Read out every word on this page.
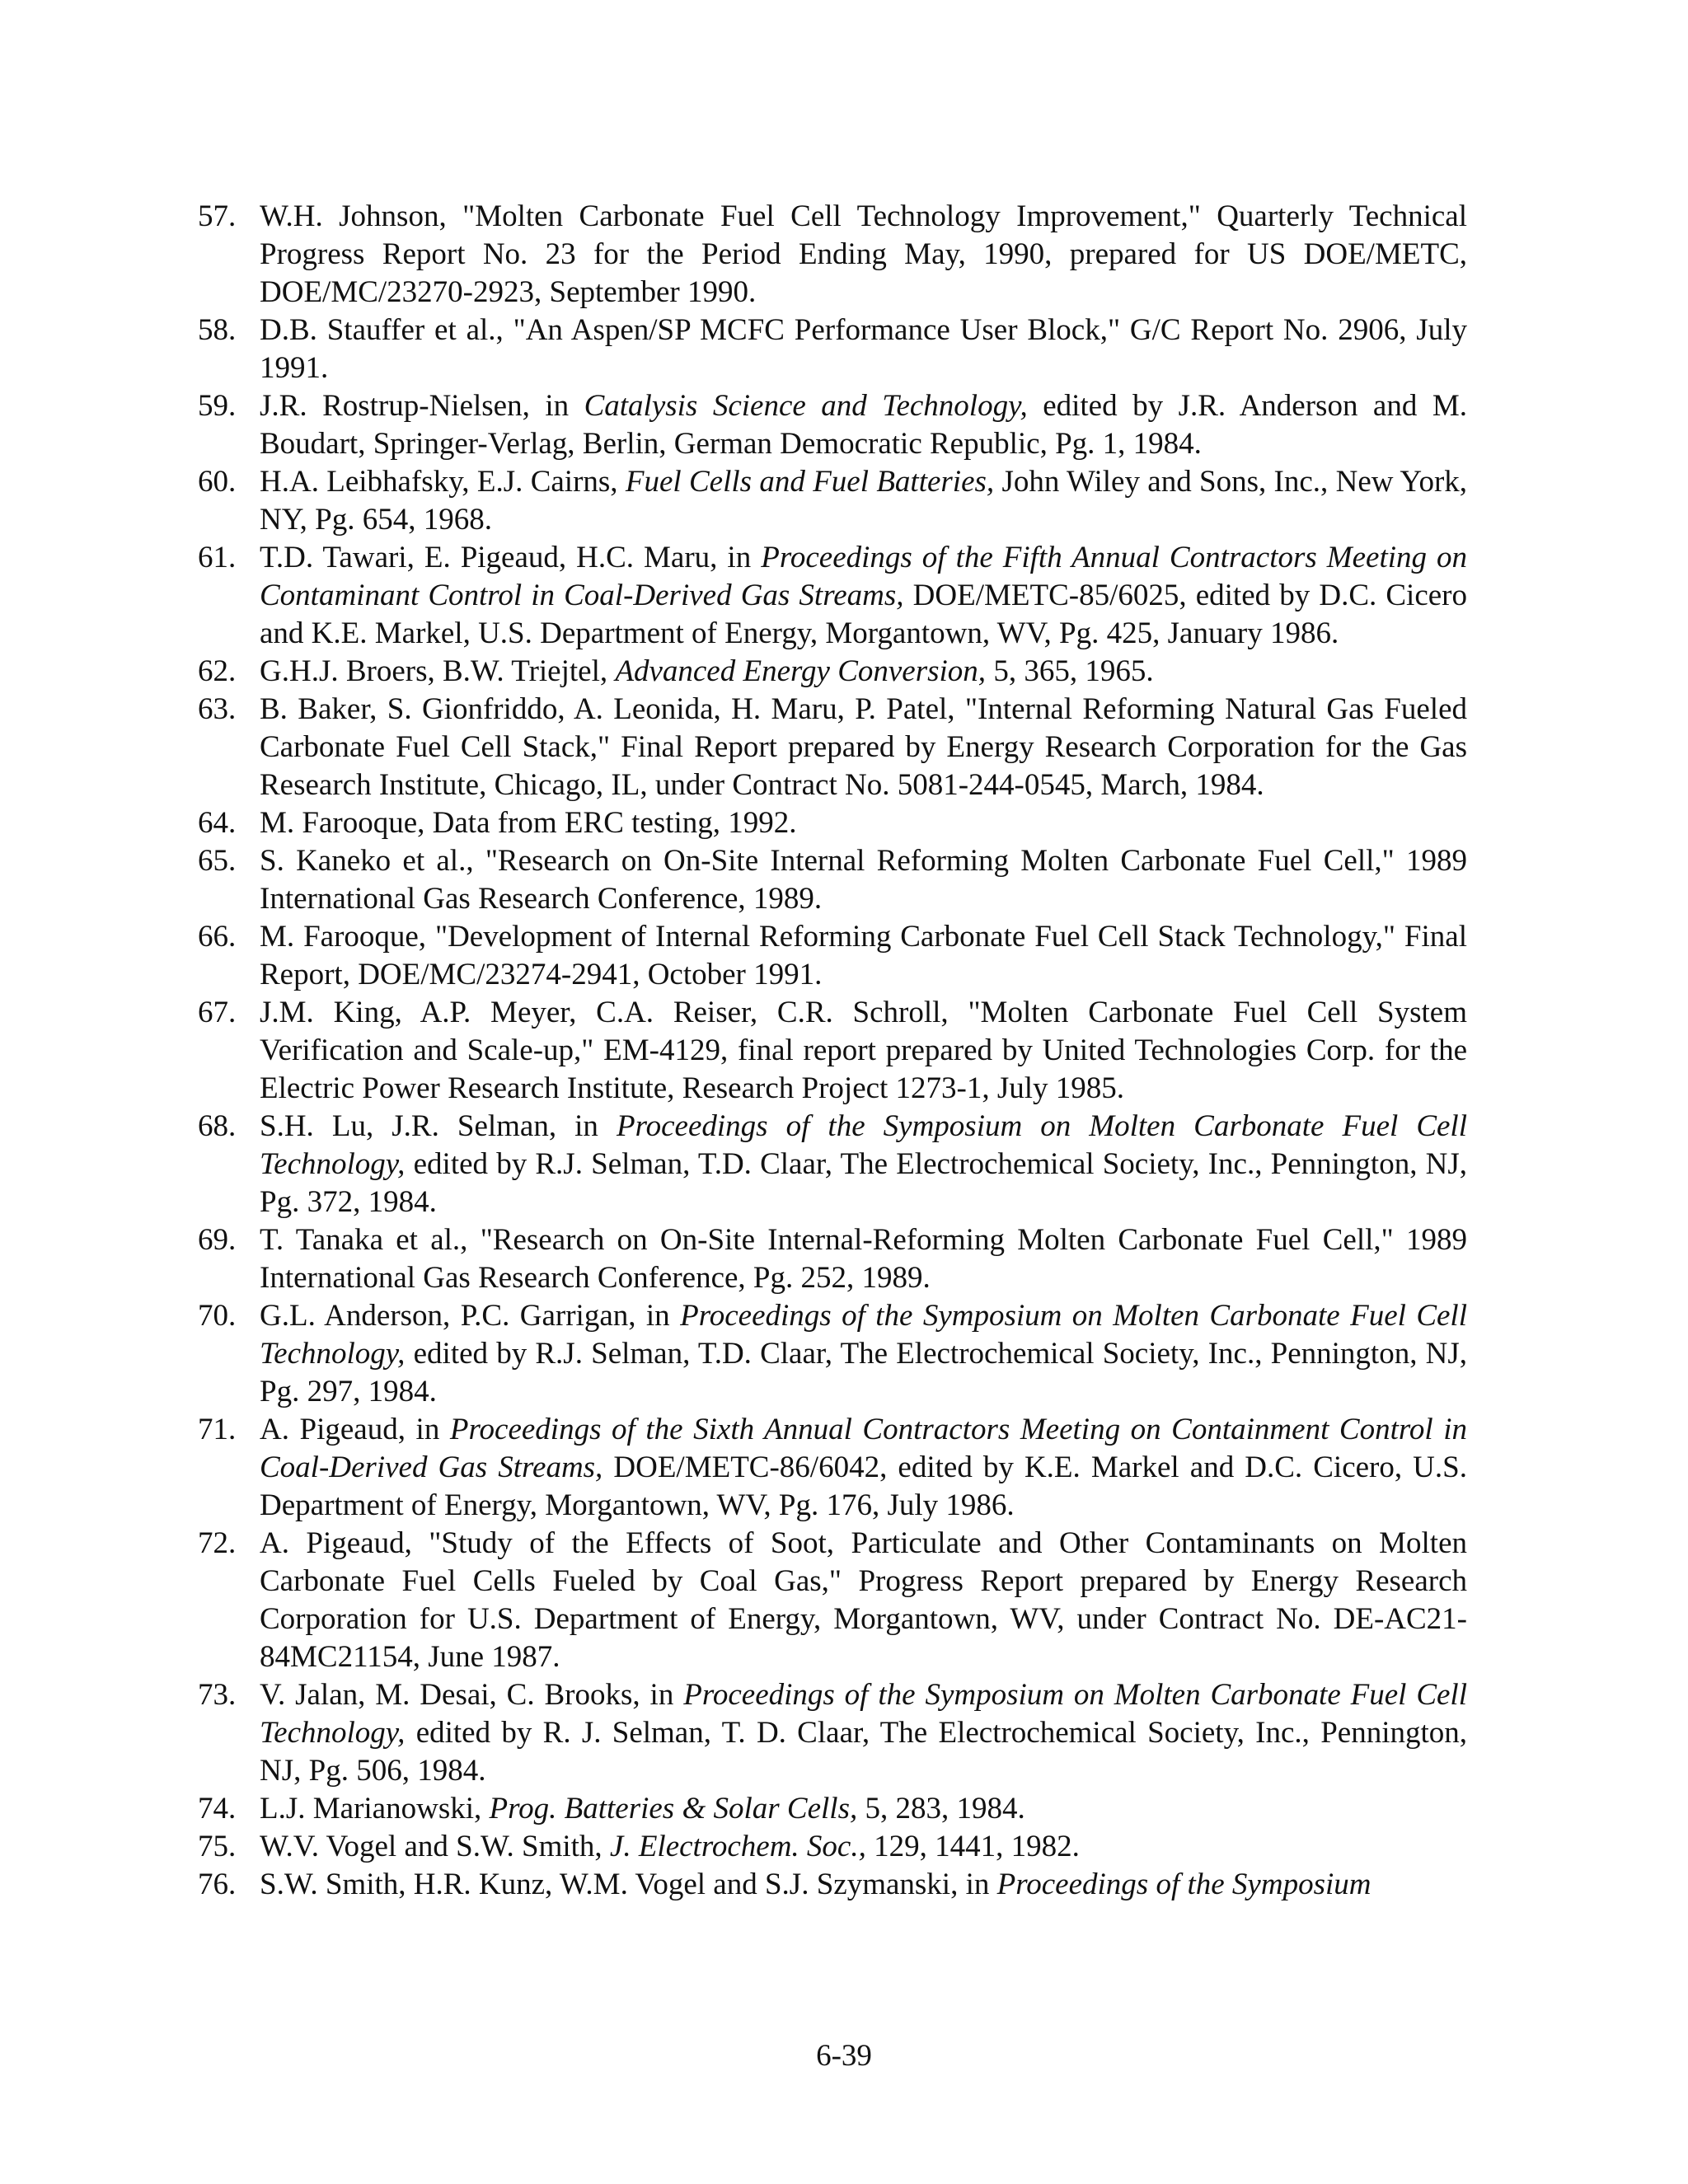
57. W.H. Johnson, "Molten Carbonate Fuel Cell Technology Improvement," Quarterly Technical Progress Report No. 23 for the Period Ending May, 1990, prepared for US DOE/METC, DOE/MC/23270-2923, September 1990.
58. D.B. Stauffer et al., "An Aspen/SP MCFC Performance User Block," G/C Report No. 2906, July 1991.
59. J.R. Rostrup-Nielsen, in Catalysis Science and Technology, edited by J.R. Anderson and M. Boudart, Springer-Verlag, Berlin, German Democratic Republic, Pg. 1, 1984.
60. H.A. Leibhafsky, E.J. Cairns, Fuel Cells and Fuel Batteries, John Wiley and Sons, Inc., New York, NY, Pg. 654, 1968.
61. T.D. Tawari, E. Pigeaud, H.C. Maru, in Proceedings of the Fifth Annual Contractors Meeting on Contaminant Control in Coal-Derived Gas Streams, DOE/METC-85/6025, edited by D.C. Cicero and K.E. Markel, U.S. Department of Energy, Morgantown, WV, Pg. 425, January 1986.
62. G.H.J. Broers, B.W. Triejtel, Advanced Energy Conversion, 5, 365, 1965.
63. B. Baker, S. Gionfriddo, A. Leonida, H. Maru, P. Patel, "Internal Reforming Natural Gas Fueled Carbonate Fuel Cell Stack," Final Report prepared by Energy Research Corporation for the Gas Research Institute, Chicago, IL, under Contract No. 5081-244-0545, March, 1984.
64. M. Farooque, Data from ERC testing, 1992.
65. S. Kaneko et al., "Research on On-Site Internal Reforming Molten Carbonate Fuel Cell," 1989 International Gas Research Conference, 1989.
66. M. Farooque, "Development of Internal Reforming Carbonate Fuel Cell Stack Technology," Final Report, DOE/MC/23274-2941, October 1991.
67. J.M. King, A.P. Meyer, C.A. Reiser, C.R. Schroll, "Molten Carbonate Fuel Cell System Verification and Scale-up," EM-4129, final report prepared by United Technologies Corp. for the Electric Power Research Institute, Research Project 1273-1, July 1985.
68. S.H. Lu, J.R. Selman, in Proceedings of the Symposium on Molten Carbonate Fuel Cell Technology, edited by R.J. Selman, T.D. Claar, The Electrochemical Society, Inc., Pennington, NJ, Pg. 372, 1984.
69. T. Tanaka et al., "Research on On-Site Internal-Reforming Molten Carbonate Fuel Cell," 1989 International Gas Research Conference, Pg. 252, 1989.
70. G.L. Anderson, P.C. Garrigan, in Proceedings of the Symposium on Molten Carbonate Fuel Cell Technology, edited by R.J. Selman, T.D. Claar, The Electrochemical Society, Inc., Pennington, NJ, Pg. 297, 1984.
71. A. Pigeaud, in Proceedings of the Sixth Annual Contractors Meeting on Containment Control in Coal-Derived Gas Streams, DOE/METC-86/6042, edited by K.E. Markel and D.C. Cicero, U.S. Department of Energy, Morgantown, WV, Pg. 176, July 1986.
72. A. Pigeaud, "Study of the Effects of Soot, Particulate and Other Contaminants on Molten Carbonate Fuel Cells Fueled by Coal Gas," Progress Report prepared by Energy Research Corporation for U.S. Department of Energy, Morgantown, WV, under Contract No. DE-AC21-84MC21154, June 1987.
73. V. Jalan, M. Desai, C. Brooks, in Proceedings of the Symposium on Molten Carbonate Fuel Cell Technology, edited by R. J. Selman, T. D. Claar, The Electrochemical Society, Inc., Pennington, NJ, Pg. 506, 1984.
74. L.J. Marianowski, Prog. Batteries & Solar Cells, 5, 283, 1984.
75. W.V. Vogel and S.W. Smith, J. Electrochem. Soc., 129, 1441, 1982.
76. S.W. Smith, H.R. Kunz, W.M. Vogel and S.J. Szymanski, in Proceedings of the Symposium
6-39
